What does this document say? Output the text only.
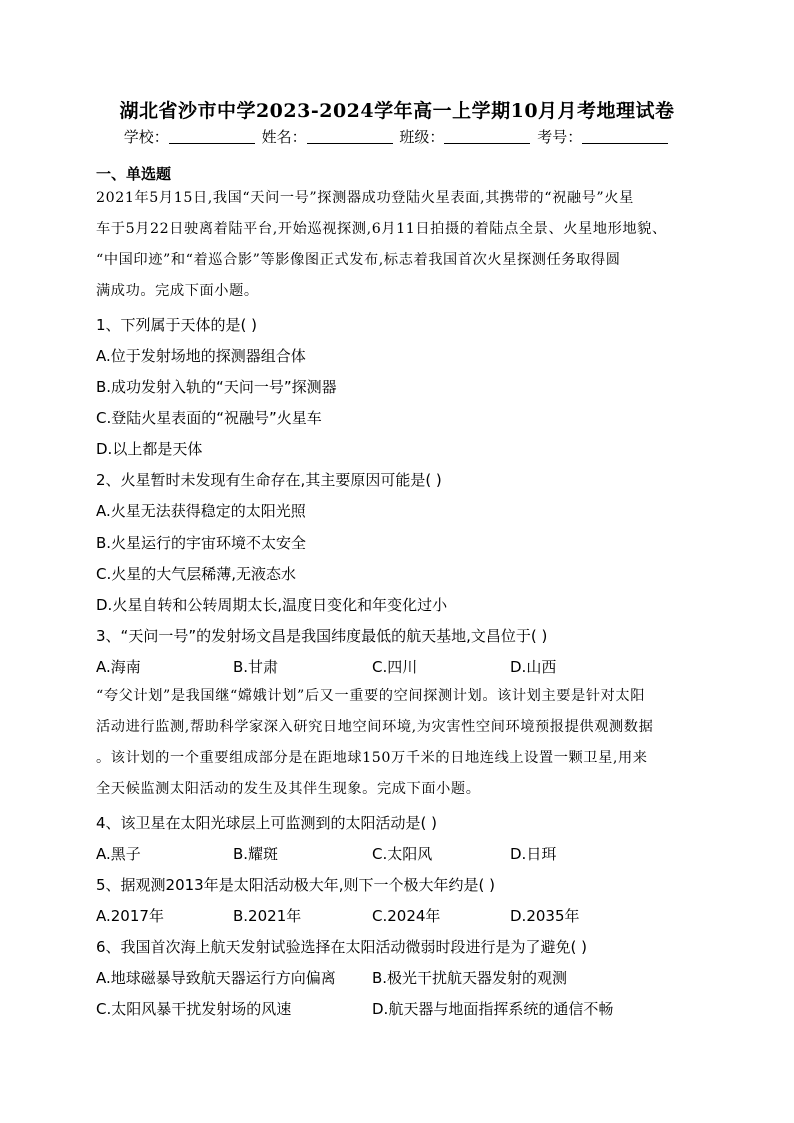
湖北省沙市中学2023-2024学年高一上学期10月月考地理试卷
学校：	姓名：	班级：	考号：
一、单选题
2021年5月15日,我国“天问一号”探测器成功登陆火星表面,其携带的“祝融号”火星
车于5月22日驶离着陆平台,开始巡视探测,6月11日拍摄的着陆点全景、火星地形地貌、
“中国印迹”和“着巡合影”等影像图正式发布,标志着我国首次火星探测任务取得圆
满成功。完成下面小题。
1、下列属于天体的是( )
A.位于发射场地的探测器组合体
B.成功发射入轨的“天问一号”探测器
C.登陆火星表面的“祝融号”火星车
D.以上都是天体
2、火星暂时未发现有生命存在,其主要原因可能是( )
A.火星无法获得稳定的太阳光照
B.火星运行的宇宙环境不太安全
C.火星的大气层稀薄,无液态水
D.火星自转和公转周期太长,温度日变化和年变化过小
3、“天问一号”的发射场文昌是我国纬度最低的航天基地,文昌位于( )
A.海南	B.甘肃	C.四川	D.山西
“夸父计划”是我国继“嫦娥计划”后又一重要的空间探测计划。该计划主要是针对太阳
活动进行监测,帮助科学家深入研究日地空间环境,为灾害性空间环境预报提供观测数据
。该计划的一个重要组成部分是在距地球150万千米的日地连线上设置一颗卫星,用来
全天候监测太阳活动的发生及其伴生现象。完成下面小题。
4、该卫星在太阳光球层上可监测到的太阳活动是( )
A.黑子	B.耀斑	C.太阳风	D.日珥
5、据观测2013年是太阳活动极大年,则下一个极大年约是( )
A.2017年	B.2021年	C.2024年	D.2035年
6、我国首次海上航天发射试验选择在太阳活动微弱时段进行是为了避免( )
A.地球磁暴导致航天器运行方向偏离 B.极光干扰航天器发射的观测
C.太阳风暴干扰发射场的风速	D.航天器与地面指挥系统的通信不畅
